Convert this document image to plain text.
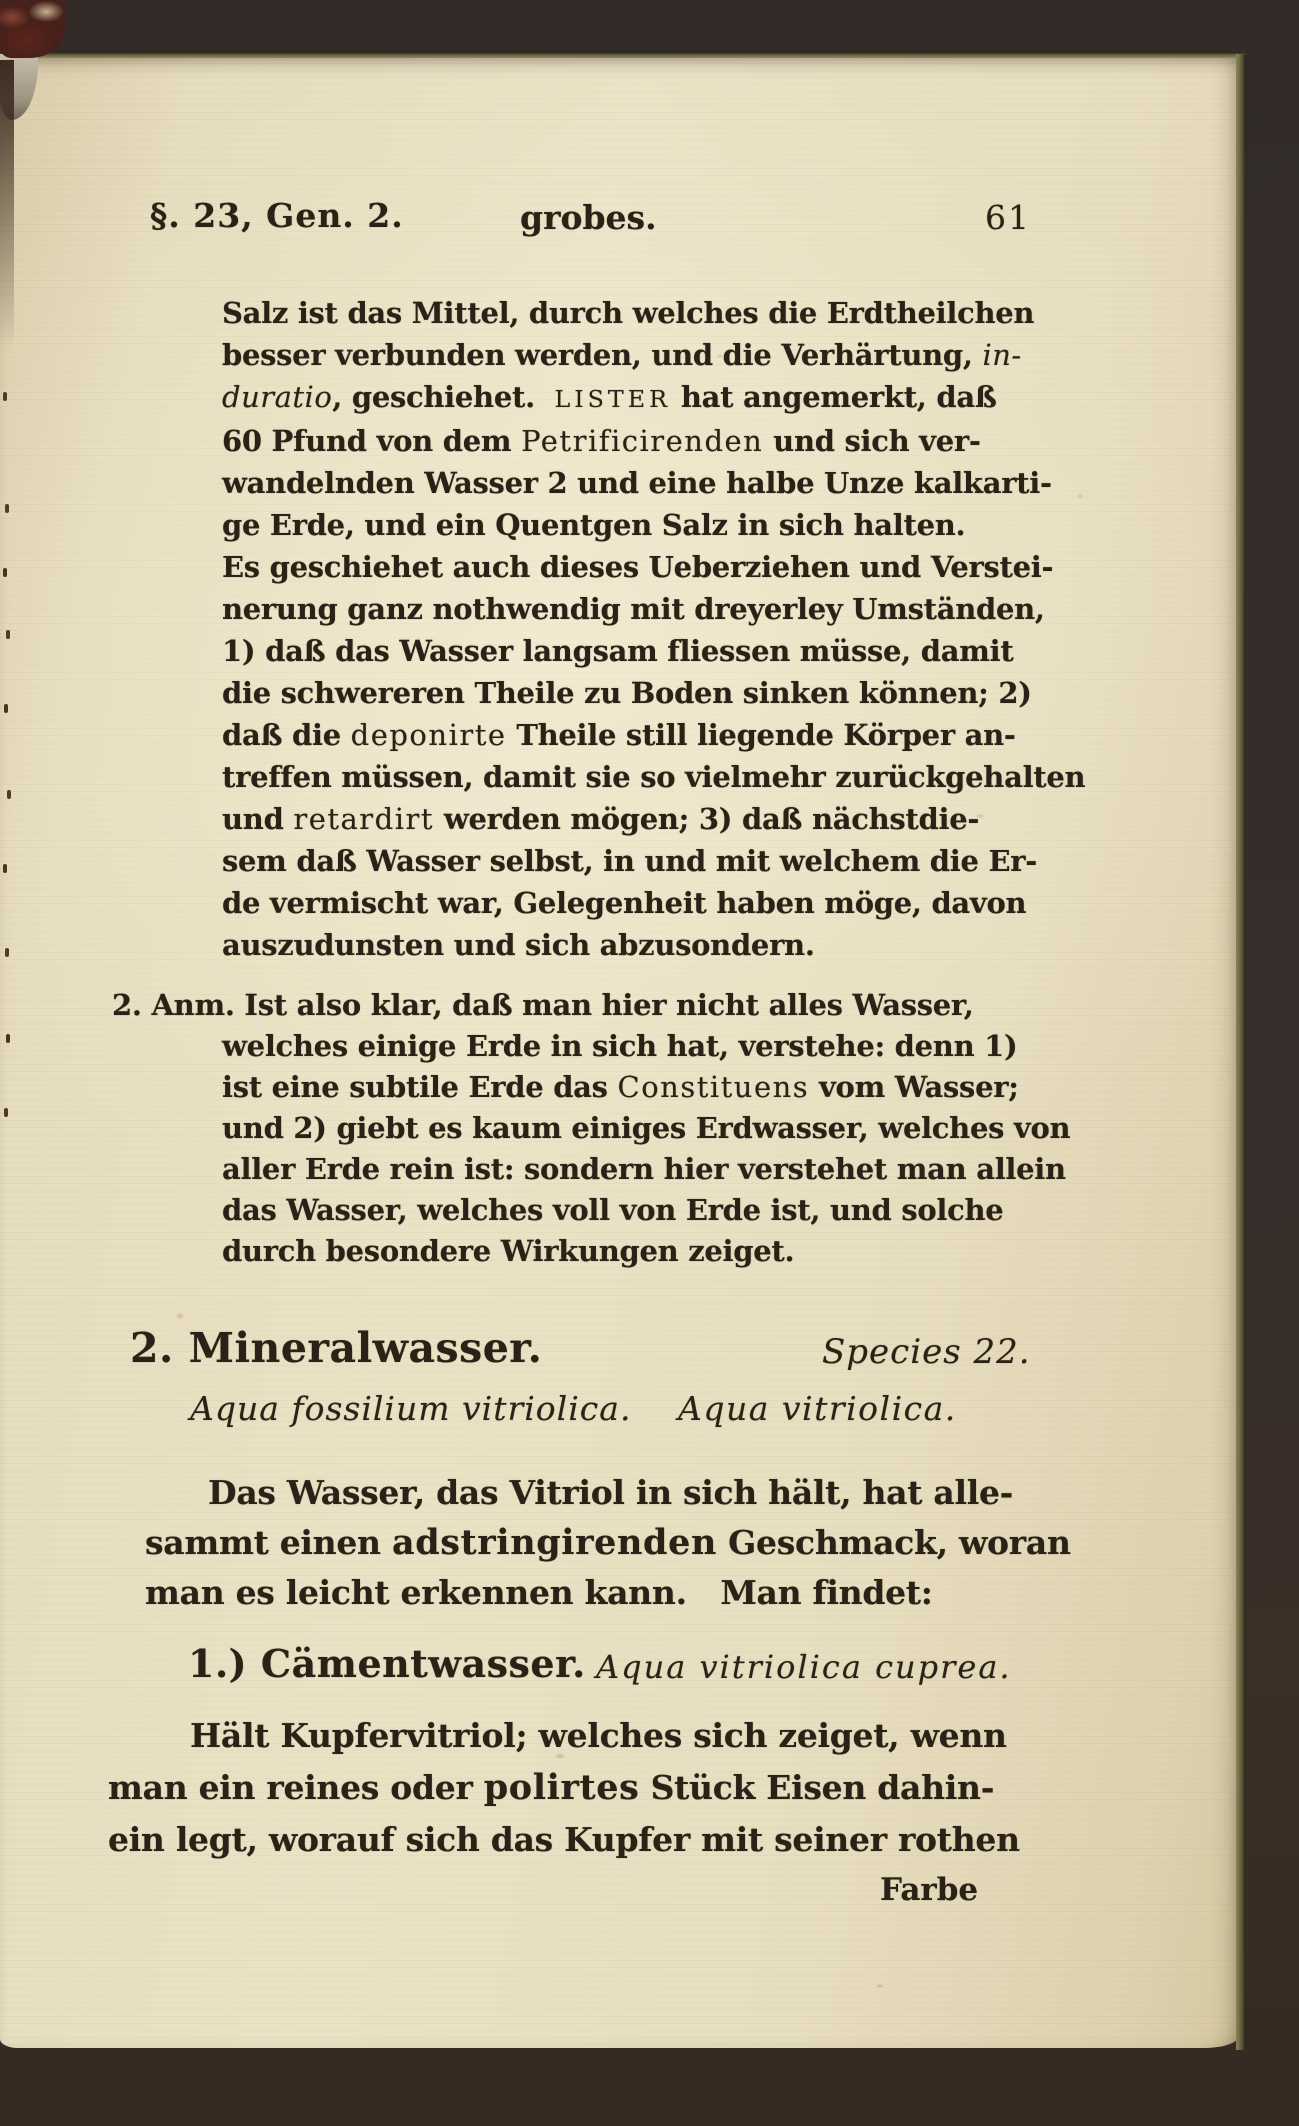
§. 23, Gen. 2.	grobes.	61
Salz ist das Mittel, durch welches die Erdtheilchen
besser verbunden werden, und die Verhärtung, in-
duratio, geschiehet.  LISTER hat angemerkt, daß
60 Pfund von dem Petrificirenden und sich ver-
wandelnden Wasser 2 und eine halbe Unze kalkarti-
ge Erde, und ein Quentgen Salz in sich halten.
Es geschiehet auch dieses Ueberziehen und Verstei-
nerung ganz nothwendig mit dreyerley Umständen,
1) daß das Wasser langsam fliessen müsse, damit
die schwereren Theile zu Boden sinken können; 2)
daß die deponirte Theile still liegende Körper an-
treffen müssen, damit sie so vielmehr zurückgehalten
und retardirt werden mögen; 3) daß nächstdie-
sem daß Wasser selbst, in und mit welchem die Er-
de vermischt war, Gelegenheit haben möge, davon
auszudunsten und sich abzusondern.
2. Anm. Ist also klar, daß man hier nicht alles Wasser,
welches einige Erde in sich hat, verstehe: denn 1)
ist eine subtile Erde das Constituens vom Wasser;
und 2) giebt es kaum einiges Erdwasser, welches von
aller Erde rein ist: sondern hier verstehet man allein
das Wasser, welches voll von Erde ist, und solche
durch besondere Wirkungen zeiget.
2. Mineralwasser.	Species 22.
Aqua fossilium vitriolica. Aqua vitriolica.
Das Wasser, das Vitriol in sich hält, hat alle-
sammt einen adstringirenden Geschmack, woran
man es leicht erkennen kann.   Man findet:
1.) Cämentwasser. Aqua vitriolica cuprea.
Hält Kupfervitriol; welches sich zeiget, wenn
man ein reines oder polirtes Stück Eisen dahin-
ein legt, worauf sich das Kupfer mit seiner rothen
Farbe
